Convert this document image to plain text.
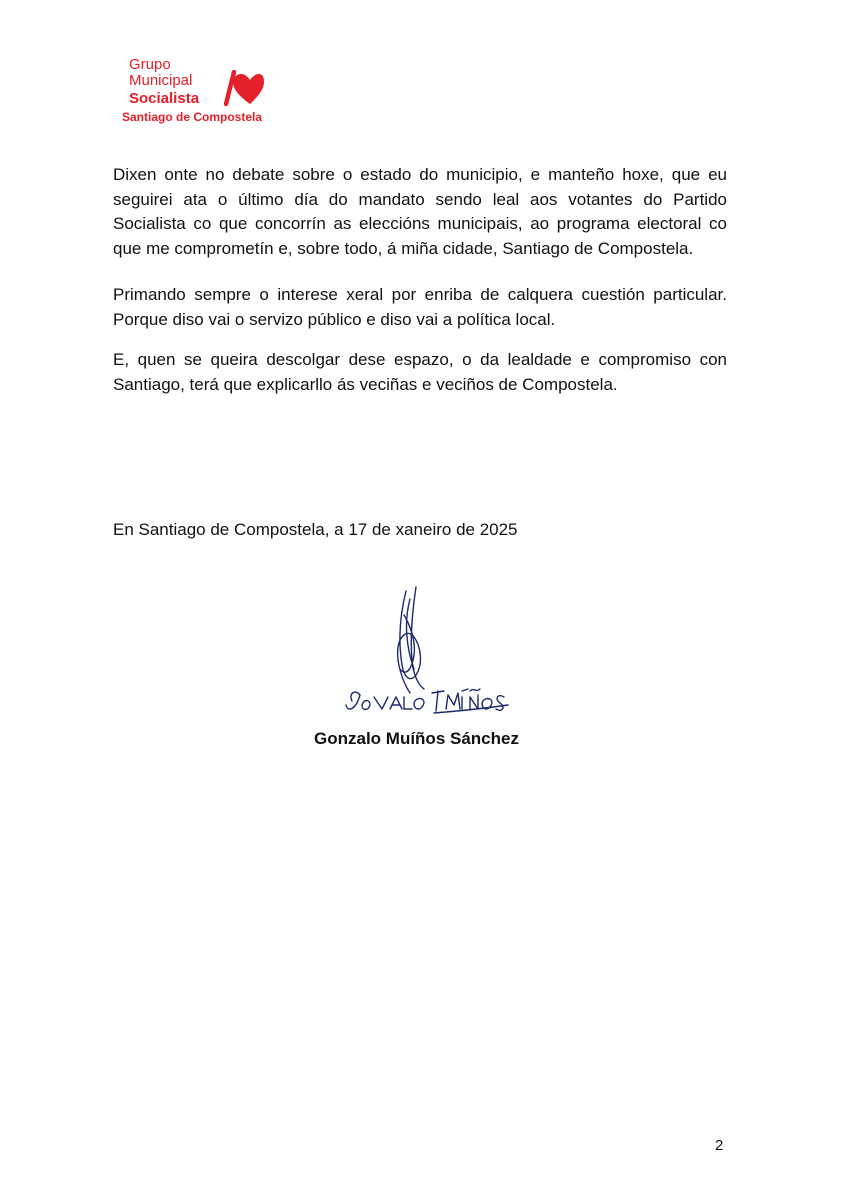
Grupo
Municipal
Socialista
Santiago de Compostela

Dixen onte no debate sobre o estado do municipio, e manteño hoxe, que eu seguirei ata o último día do mandato sendo leal aos votantes do Partido Socialista co que concorrín as eleccións municipais, ao programa electoral co que me comprometín e, sobre todo, á miña cidade, Santiago de Compostela.

Primando sempre o interese xeral por enriba de calquera cuestión particular. Porque diso vai o servizo público e diso vai a política local.

E, quen se queira descolgar dese espazo, o da lealdade e compromiso con Santiago, terá que explicarllo ás veciñas e veciños de Compostela.

En Santiago de Compostela, a 17 de xaneiro de 2025

Gonzalo Muíños Sánchez

2
